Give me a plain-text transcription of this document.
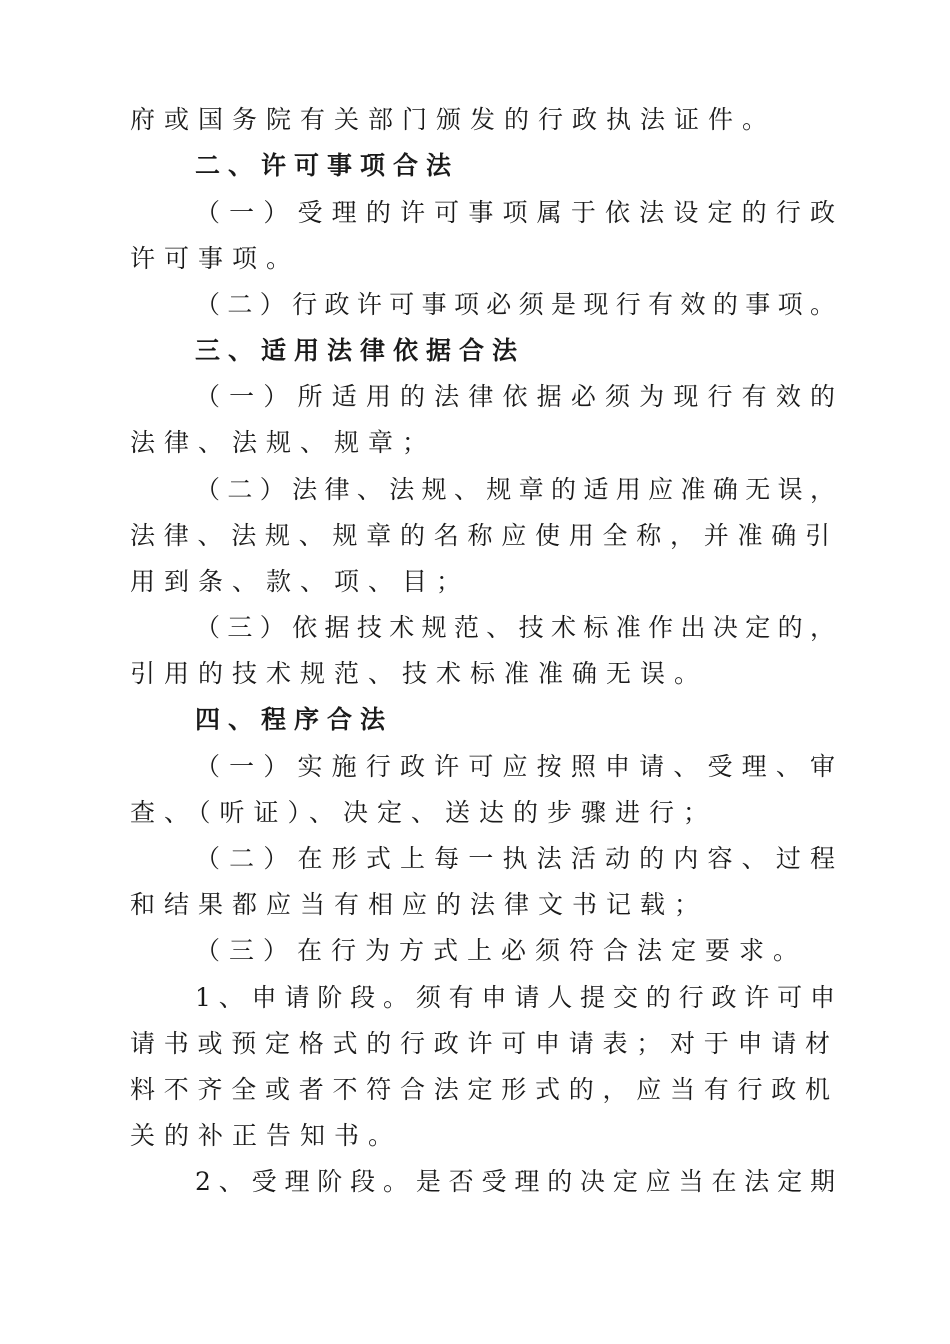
府或国务院有关部门颁发的行政执法证件。
二、许可事项合法
（一）受理的许可事项属于依法设定的行政
许可事项。
（二）行政许可事项必须是现行有效的事项。
三、适用法律依据合法
（一）所适用的法律依据必须为现行有效的
法律、法规、规章；
（二）法律、法规、规章的适用应准确无误，
法律、法规、规章的名称应使用全称，并准确引
用到条、款、项、目；
（三）依据技术规范、技术标准作出决定的，
引用的技术规范、技术标准准确无误。
四、程序合法
（一）实施行政许可应按照申请、受理、审
查、（听证）、决定、送达的步骤进行；
（二）在形式上每一执法活动的内容、过程
和结果都应当有相应的法律文书记载；
（三）在行为方式上必须符合法定要求。
1、申请阶段。须有申请人提交的行政许可申
请书或预定格式的行政许可申请表；对于申请材
料不齐全或者不符合法定形式的，应当有行政机
关的补正告知书。
2、受理阶段。是否受理的决定应当在法定期
